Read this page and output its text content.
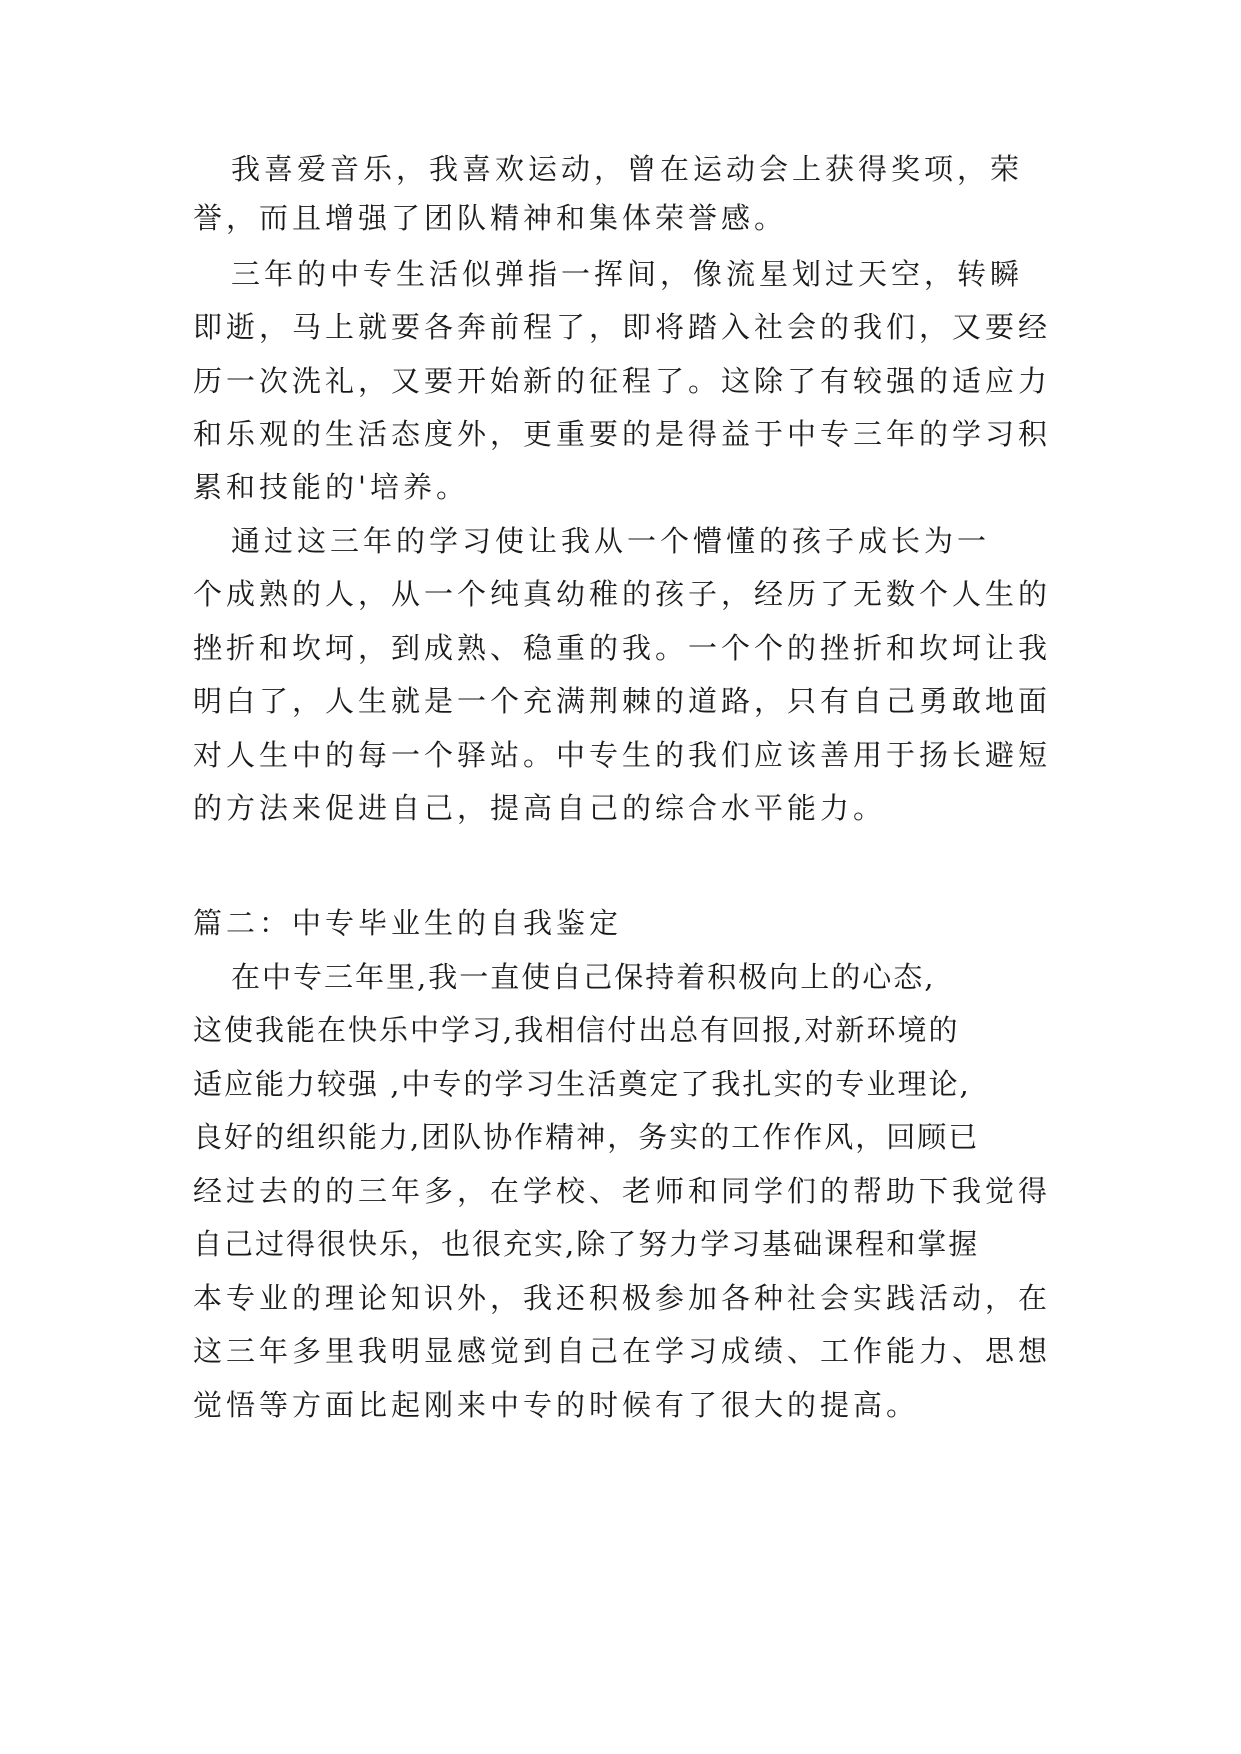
我喜爱音乐，我喜欢运动，曾在运动会上获得奖项，荣
誉，而且增强了团队精神和集体荣誉感。
三年的中专生活似弹指一挥间，像流星划过天空，转瞬
即逝，马上就要各奔前程了，即将踏入社会的我们，又要经
历一次洗礼，又要开始新的征程了。这除了有较强的适应力
和乐观的生活态度外，更重要的是得益于中专三年的学习积
累和技能的'培养。
通过这三年的学习使让我从一个懵懂的孩子成长为一
个成熟的人，从一个纯真幼稚的孩子，经历了无数个人生的
挫折和坎坷，到成熟、稳重的我。一个个的挫折和坎坷让我
明白了，人生就是一个充满荆棘的道路，只有自己勇敢地面
对人生中的每一个驿站。中专生的我们应该善用于扬长避短
的方法来促进自己，提高自己的综合水平能力。
篇二：中专毕业生的自我鉴定
在中专三年里,我一直使自己保持着积极向上的心态,
这使我能在快乐中学习,我相信付出总有回报,对新环境的
适应能力较强 ,中专的学习生活奠定了我扎实的专业理论,
良好的组织能力,团队协作精神，务实的工作作风，回顾已
经过去的的三年多，在学校、老师和同学们的帮助下我觉得
自己过得很快乐，也很充实,除了努力学习基础课程和掌握
本专业的理论知识外，我还积极参加各种社会实践活动，在
这三年多里我明显感觉到自己在学习成绩、工作能力、思想
觉悟等方面比起刚来中专的时候有了很大的提高。
